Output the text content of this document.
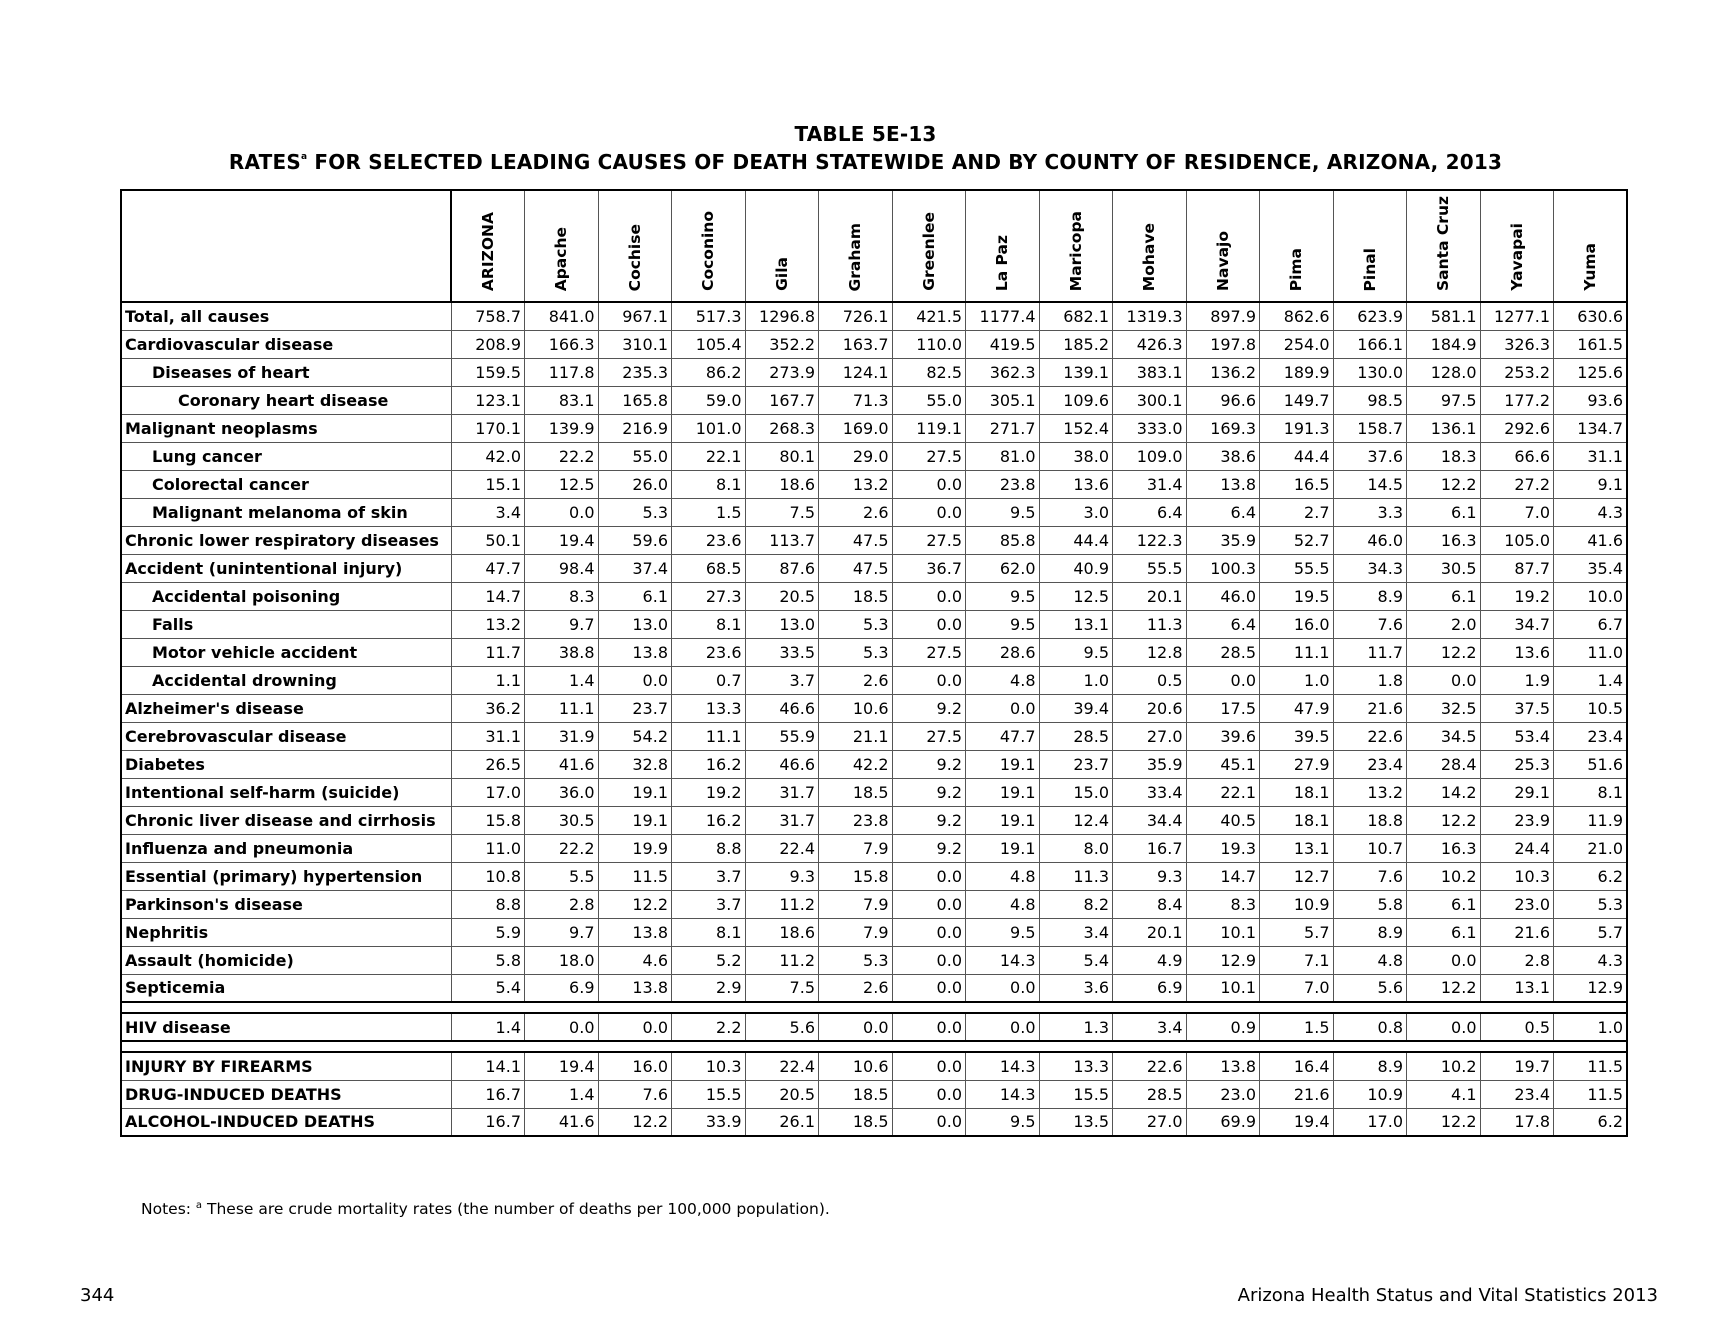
TABLE 5E-13
RATES$^a$ FOR SELECTED LEADING CAUSES OF DEATH STATEWIDE AND BY COUNTY OF RESIDENCE, ARIZONA, 2013

	ARIZONA	Apache	Cochise	Coconino	Gila	Graham	Greenlee	La Paz	Maricopa	Mohave	Navajo	Pima	Pinal	Santa Cruz	Yavapai	Yuma

Total, all causes	758.7	841.0	967.1	517.3	1296.8	726.1	421.5	1177.4	682.1	1319.3	897.9	862.6	623.9	581.1	1277.1	630.6
Cardiovascular disease	208.9	166.3	310.1	105.4	352.2	163.7	110.0	419.5	185.2	426.3	197.8	254.0	166.1	184.9	326.3	161.5
Diseases of heart	159.5	117.8	235.3	86.2	273.9	124.1	82.5	362.3	139.1	383.1	136.2	189.9	130.0	128.0	253.2	125.6
Coronary heart disease	123.1	83.1	165.8	59.0	167.7	71.3	55.0	305.1	109.6	300.1	96.6	149.7	98.5	97.5	177.2	93.6
Malignant neoplasms	170.1	139.9	216.9	101.0	268.3	169.0	119.1	271.7	152.4	333.0	169.3	191.3	158.7	136.1	292.6	134.7
Lung cancer	42.0	22.2	55.0	22.1	80.1	29.0	27.5	81.0	38.0	109.0	38.6	44.4	37.6	18.3	66.6	31.1
Colorectal cancer	15.1	12.5	26.0	8.1	18.6	13.2	0.0	23.8	13.6	31.4	13.8	16.5	14.5	12.2	27.2	9.1
Malignant melanoma of skin	3.4	0.0	5.3	1.5	7.5	2.6	0.0	9.5	3.0	6.4	6.4	2.7	3.3	6.1	7.0	4.3
Chronic lower respiratory diseases	50.1	19.4	59.6	23.6	113.7	47.5	27.5	85.8	44.4	122.3	35.9	52.7	46.0	16.3	105.0	41.6
Accident (unintentional injury)	47.7	98.4	37.4	68.5	87.6	47.5	36.7	62.0	40.9	55.5	100.3	55.5	34.3	30.5	87.7	35.4
Accidental poisoning	14.7	8.3	6.1	27.3	20.5	18.5	0.0	9.5	12.5	20.1	46.0	19.5	8.9	6.1	19.2	10.0
Falls	13.2	9.7	13.0	8.1	13.0	5.3	0.0	9.5	13.1	11.3	6.4	16.0	7.6	2.0	34.7	6.7
Motor vehicle accident	11.7	38.8	13.8	23.6	33.5	5.3	27.5	28.6	9.5	12.8	28.5	11.1	11.7	12.2	13.6	11.0
Accidental drowning	1.1	1.4	0.0	0.7	3.7	2.6	0.0	4.8	1.0	0.5	0.0	1.0	1.8	0.0	1.9	1.4
Alzheimer's disease	36.2	11.1	23.7	13.3	46.6	10.6	9.2	0.0	39.4	20.6	17.5	47.9	21.6	32.5	37.5	10.5
Cerebrovascular disease	31.1	31.9	54.2	11.1	55.9	21.1	27.5	47.7	28.5	27.0	39.6	39.5	22.6	34.5	53.4	23.4
Diabetes	26.5	41.6	32.8	16.2	46.6	42.2	9.2	19.1	23.7	35.9	45.1	27.9	23.4	28.4	25.3	51.6
Intentional self-harm (suicide)	17.0	36.0	19.1	19.2	31.7	18.5	9.2	19.1	15.0	33.4	22.1	18.1	13.2	14.2	29.1	8.1
Chronic liver disease and cirrhosis	15.8	30.5	19.1	16.2	31.7	23.8	9.2	19.1	12.4	34.4	40.5	18.1	18.8	12.2	23.9	11.9
Influenza and pneumonia	11.0	22.2	19.9	8.8	22.4	7.9	9.2	19.1	8.0	16.7	19.3	13.1	10.7	16.3	24.4	21.0
Essential (primary) hypertension	10.8	5.5	11.5	3.7	9.3	15.8	0.0	4.8	11.3	9.3	14.7	12.7	7.6	10.2	10.3	6.2
Parkinson's disease	8.8	2.8	12.2	3.7	11.2	7.9	0.0	4.8	8.2	8.4	8.3	10.9	5.8	6.1	23.0	5.3
Nephritis	5.9	9.7	13.8	8.1	18.6	7.9	0.0	9.5	3.4	20.1	10.1	5.7	8.9	6.1	21.6	5.7
Assault (homicide)	5.8	18.0	4.6	5.2	11.2	5.3	0.0	14.3	5.4	4.9	12.9	7.1	4.8	0.0	2.8	4.3
Septicemia	5.4	6.9	13.8	2.9	7.5	2.6	0.0	0.0	3.6	6.9	10.1	7.0	5.6	12.2	13.1	12.9

HIV disease	1.4	0.0	0.0	2.2	5.6	0.0	0.0	0.0	1.3	3.4	0.9	1.5	0.8	0.0	0.5	1.0

INJURY BY FIREARMS	14.1	19.4	16.0	10.3	22.4	10.6	0.0	14.3	13.3	22.6	13.8	16.4	8.9	10.2	19.7	11.5
DRUG-INDUCED DEATHS	16.7	1.4	7.6	15.5	20.5	18.5	0.0	14.3	15.5	28.5	23.0	21.6	10.9	4.1	23.4	11.5
ALCOHOL-INDUCED DEATHS	16.7	41.6	12.2	33.9	26.1	18.5	0.0	9.5	13.5	27.0	69.9	19.4	17.0	12.2	17.8	6.2
Notes: $^a$ These are crude mortality rates (the number of deaths per 100,000 population).
344	Arizona Health Status and Vital Statistics 2013
